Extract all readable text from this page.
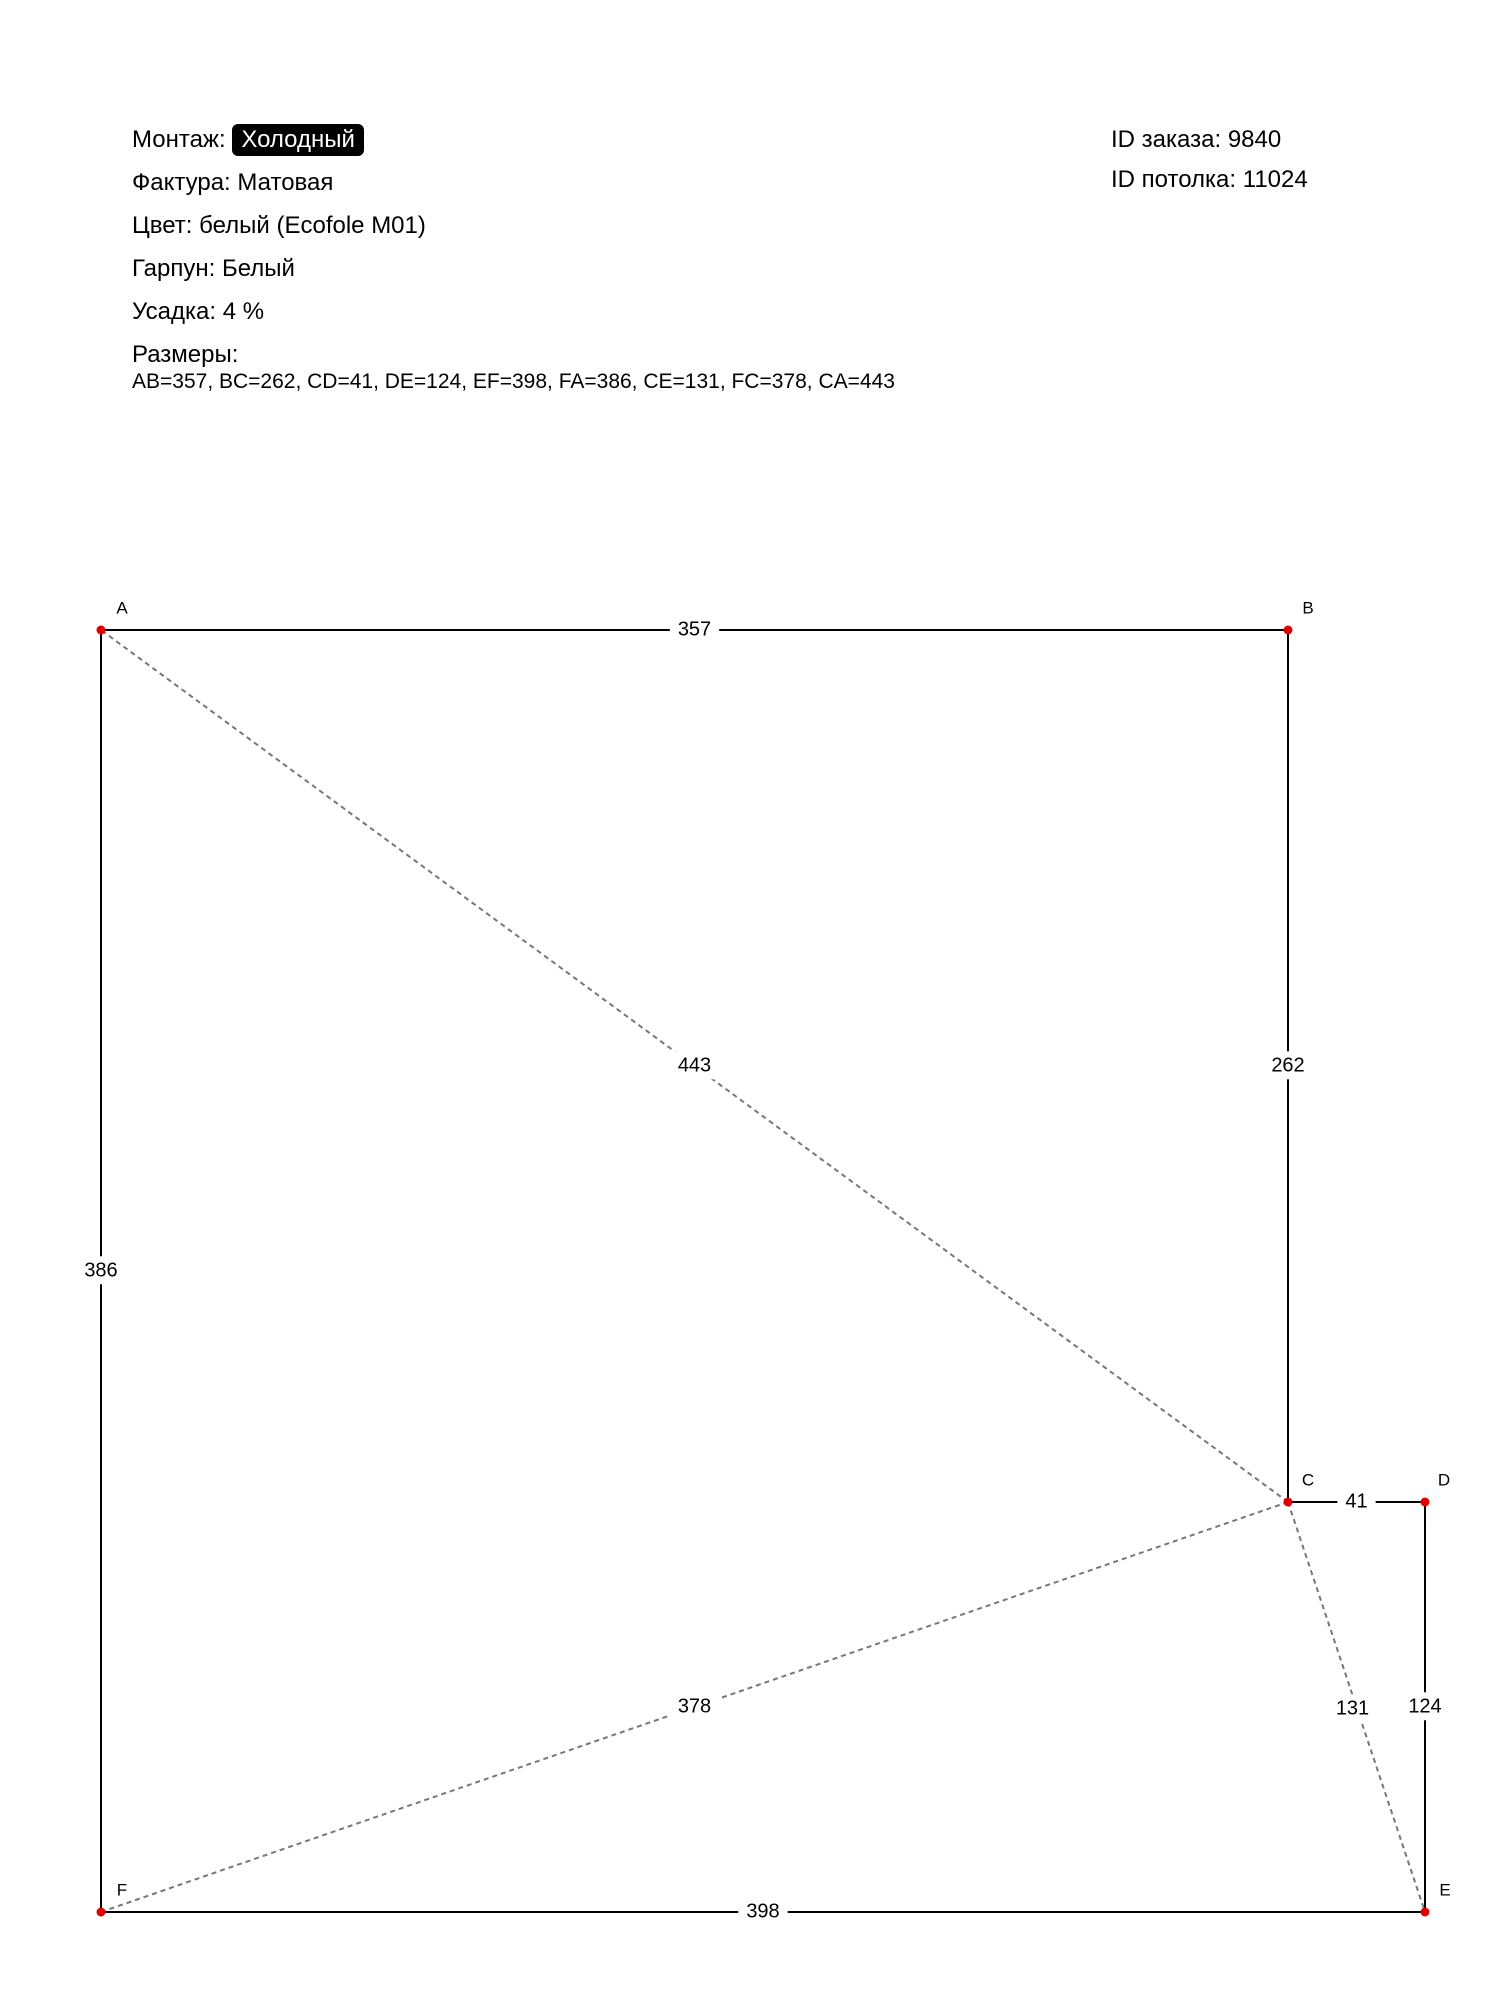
Монтаж: Холодный
Фактура: Матовая
Цвет: белый (Ecofole M01)
Гарпун: Белый
Усадка: 4 %
Размеры:
AB=357, BC=262, CD=41, DE=124, EF=398, FA=386, CE=131, FC=378, CA=443
ID заказа: 9840
ID потолка: 11024
443
378	131
357
262
41
124
398
386
A	B
C	D
E
F
